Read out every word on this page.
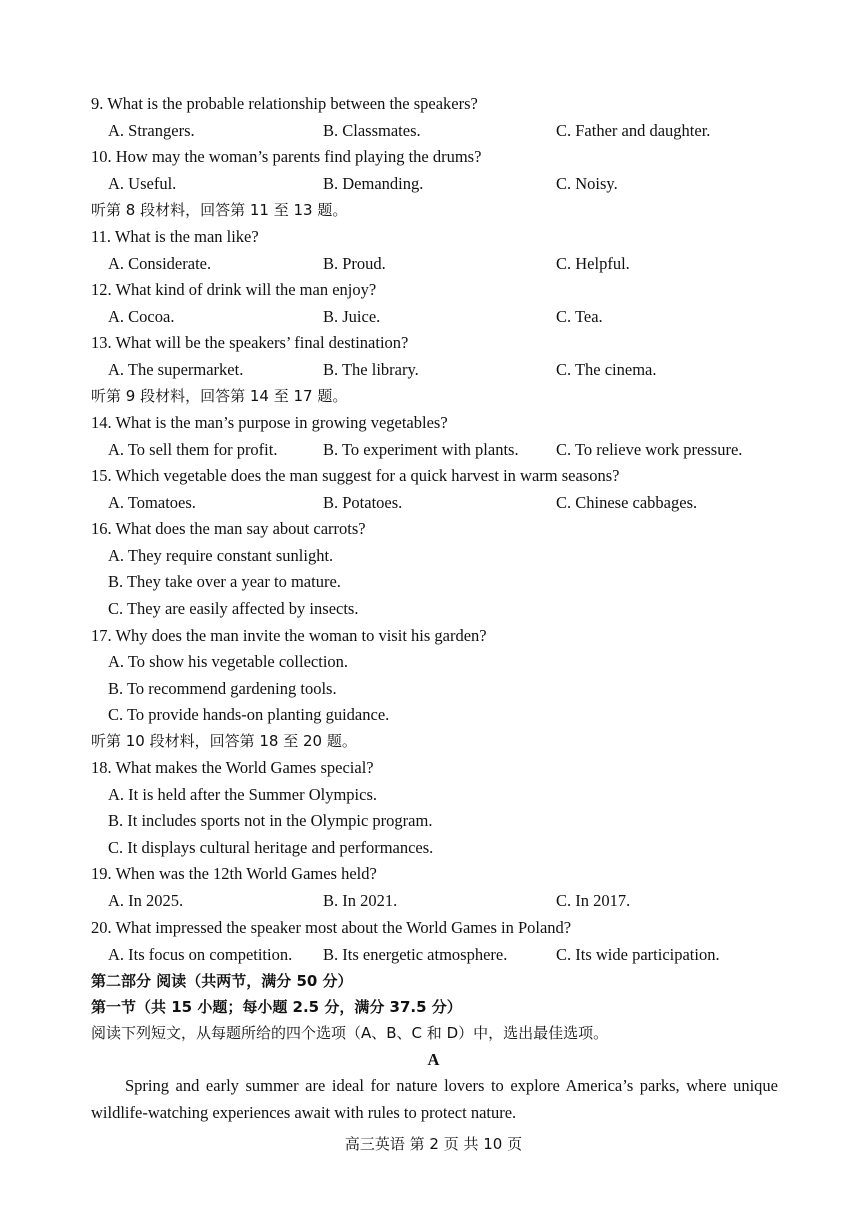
9. What is the probable relationship between the speakers?
A. Strangers.	B. Classmates.	C. Father and daughter.
10. How may the woman’s parents find playing the drums?
A. Useful.	B. Demanding.	C. Noisy.
听第 8 段材料，回答第 11 至 13 题。
11. What is the man like?
A. Considerate.	B. Proud.	C. Helpful.
12. What kind of drink will the man enjoy?
A. Cocoa.	B. Juice.	C. Tea.
13. What will be the speakers’ final destination?
A. The supermarket.	B. The library.	C. The cinema.
听第 9 段材料，回答第 14 至 17 题。
14. What is the man’s purpose in growing vegetables?
A. To sell them for profit.	B. To experiment with plants. C. To relieve work pressure.
15. Which vegetable does the man suggest for a quick harvest in warm seasons?
A. Tomatoes.	B. Potatoes.	C. Chinese cabbages.
16. What does the man say about carrots?
A. They require constant sunlight.
B. They take over a year to mature.
C. They are easily affected by insects.
17. Why does the man invite the woman to visit his garden?
A. To show his vegetable collection.
B. To recommend gardening tools.
C. To provide hands-on planting guidance.
听第 10 段材料，回答第 18 至 20 题。
18. What makes the World Games special?
A. It is held after the Summer Olympics.
B. It includes sports not in the Olympic program.
C. It displays cultural heritage and performances.
19. When was the 12th World Games held?
A. In 2025.	B. In 2021.	C. In 2017.
20. What impressed the speaker most about the World Games in Poland?
A. Its focus on competition. B. Its energetic atmosphere.	C. Its wide participation.
第二部分 阅读（共两节，满分 50 分）
第一节（共 15 小题；每小题 2.5 分，满分 37.5 分）
阅读下列短文，从每题所给的四个选项（A、B、C 和 D）中，选出最佳选项。
A
Spring and early summer are ideal for nature lovers to explore America’s parks, where unique wildlife-watching experiences await with rules to protect nature.
高三英语 第 2 页 共 10 页
